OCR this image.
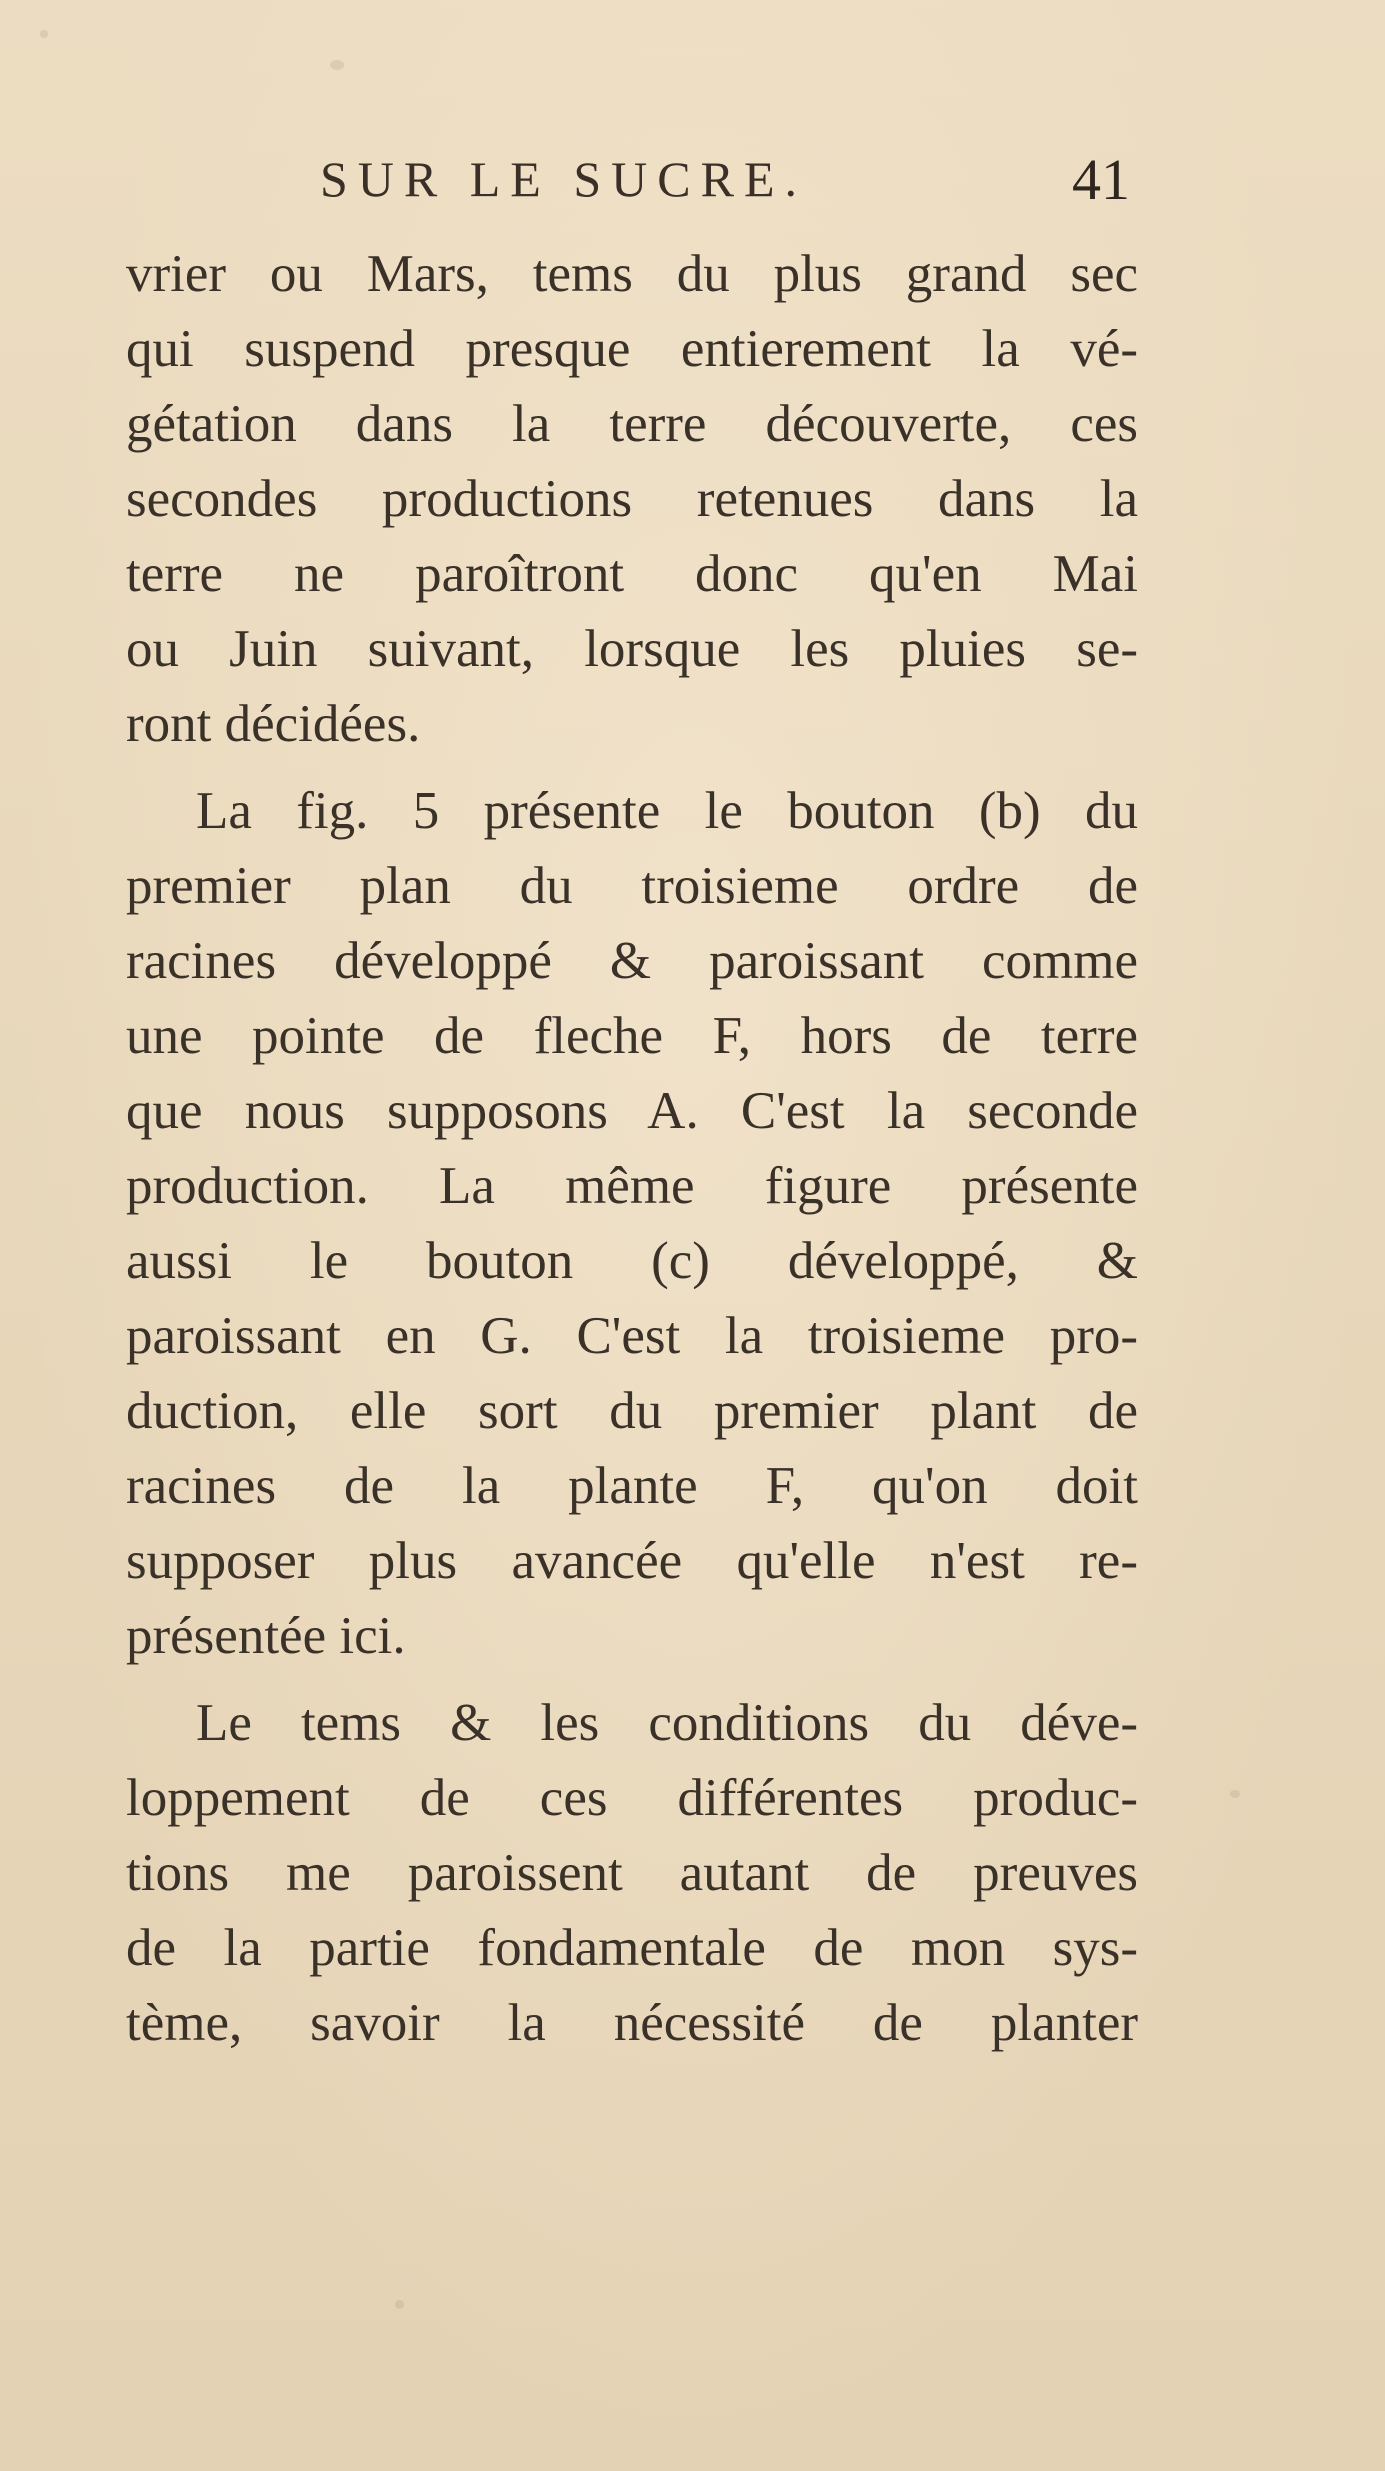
SUR LE SUCRE.	41
vrier ou Mars, tems du plus grand sec
qui suspend presque entierement la vé-
gétation dans la terre découverte, ces
secondes productions retenues dans la
terre ne paroîtront donc qu'en Mai
ou Juin suivant, lorsque les pluies se-
ront décidées.
La fig. 5 présente le bouton (b) du
premier plan du troisieme ordre de
racines développé & paroissant comme
une pointe de fleche F, hors de terre
que nous supposons A. C'est la seconde
production. La même figure présente
aussi le bouton (c) développé, &
paroissant en G. C'est la troisieme pro-
duction, elle sort du premier plant de
racines de la plante F, qu'on doit
supposer plus avancée qu'elle n'est re-
présentée ici.
Le tems & les conditions du déve-
loppement de ces différentes produc-
tions me paroissent autant de preuves
de la partie fondamentale de mon sys-
tème, savoir la nécessité de planter
